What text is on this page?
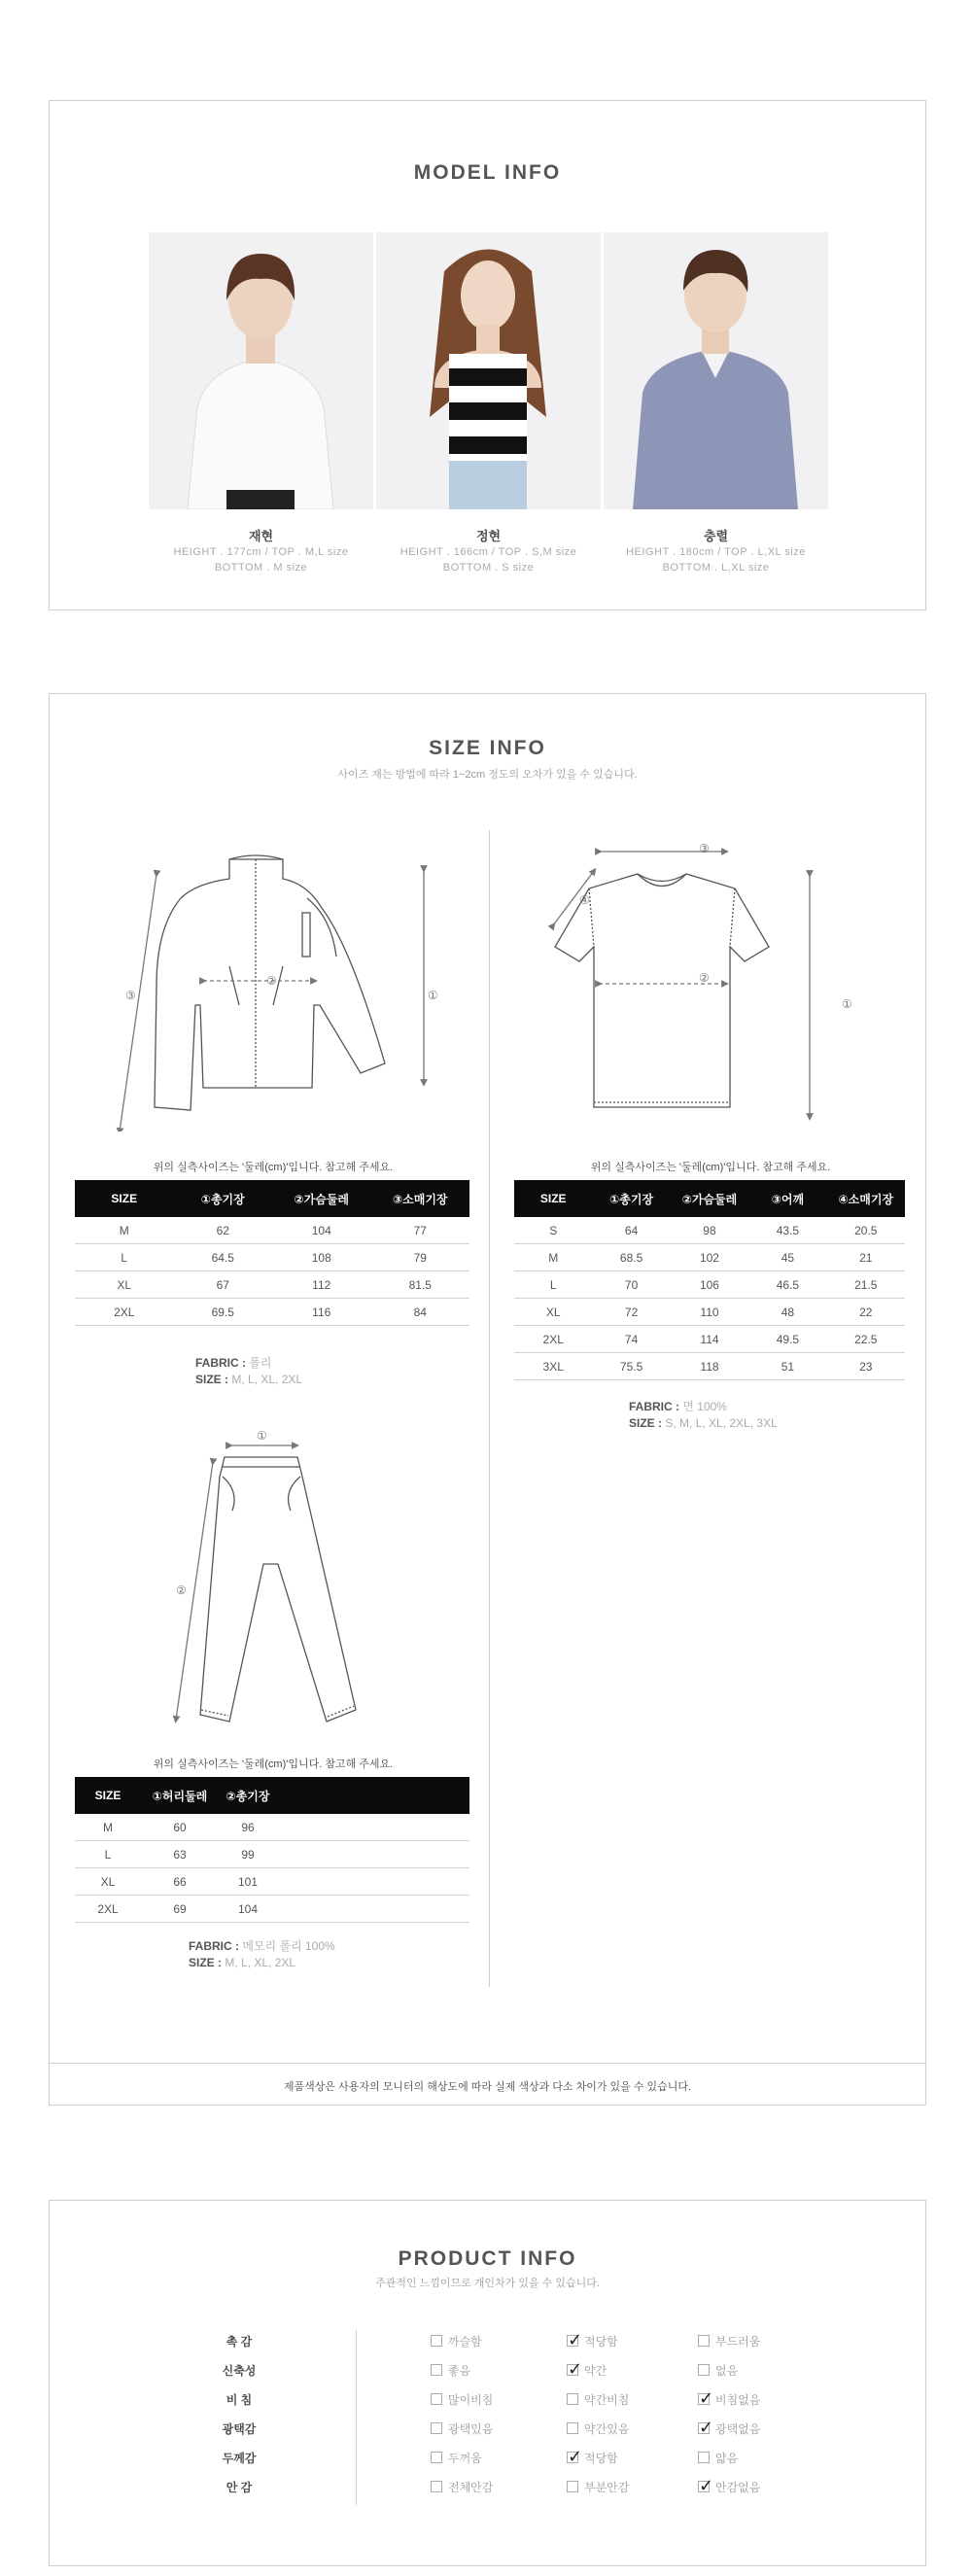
MODEL INFO
재현
HEIGHT . 177cm / TOP . M,L size
BOTTOM . M size
정현
HEIGHT . 166cm / TOP . S,M size
BOTTOM . S size
충렬
HEIGHT . 180cm / TOP . L,XL size
BOTTOM . L,XL size
SIZE INFO
사이즈 재는 방법에 따라 1~2cm 정도의 오차가 있을 수 있습니다.
③
②
①
위의 실측사이즈는 '둘레(cm)'입니다. 참고해 주세요.
SIZE	①총기장	②가슴둘레	③소매기장
M	62	104	77
L	64.5	108	79
XL	67	112	81.5
2XL	69.5	116	84
FABRIC : 폴리
SIZE : M, L, XL, 2XL
①
②
위의 실측사이즈는 '둘레(cm)'입니다. 참고해 주세요.
SIZE	①허리둘레	②총기장	
M	60	96	
L	63	99	
XL	66	101	
2XL	69	104	
FABRIC : 메모리 폴리 100%
SIZE : M, L, XL, 2XL
③
④
②
①
위의 실측사이즈는 '둘레(cm)'입니다. 참고해 주세요.
SIZE	①총기장	②가슴둘레	③어깨	④소매기장
S	64	98	43.5	20.5
M	68.5	102	45	21
L	70	106	46.5	21.5
XL	72	110	48	22
2XL	74	114	49.5	22.5
3XL	75.5	118	51	23
FABRIC : 면 100%
SIZE : S, M, L, XL, 2XL, 3XL
제품색상은 사용자의 모니터의 해상도에 따라 실제 색상과 다소 차이가 있을 수 있습니다.
PRODUCT INFO
주관적인 느낌이므로 개인차가 있을 수 있습니다.
촉 감	까슬함	✓ 적당함	부드러움
신축성	좋음	✓ 약간	없음
비 침	많이비침	약간비침	✓ 비침없음
광택감	광택있음	약간있음	✓ 광택없음
두께감	두꺼움	✓ 적당함	얇음
안 감	전체안감	부분안감	✓ 안감없음
